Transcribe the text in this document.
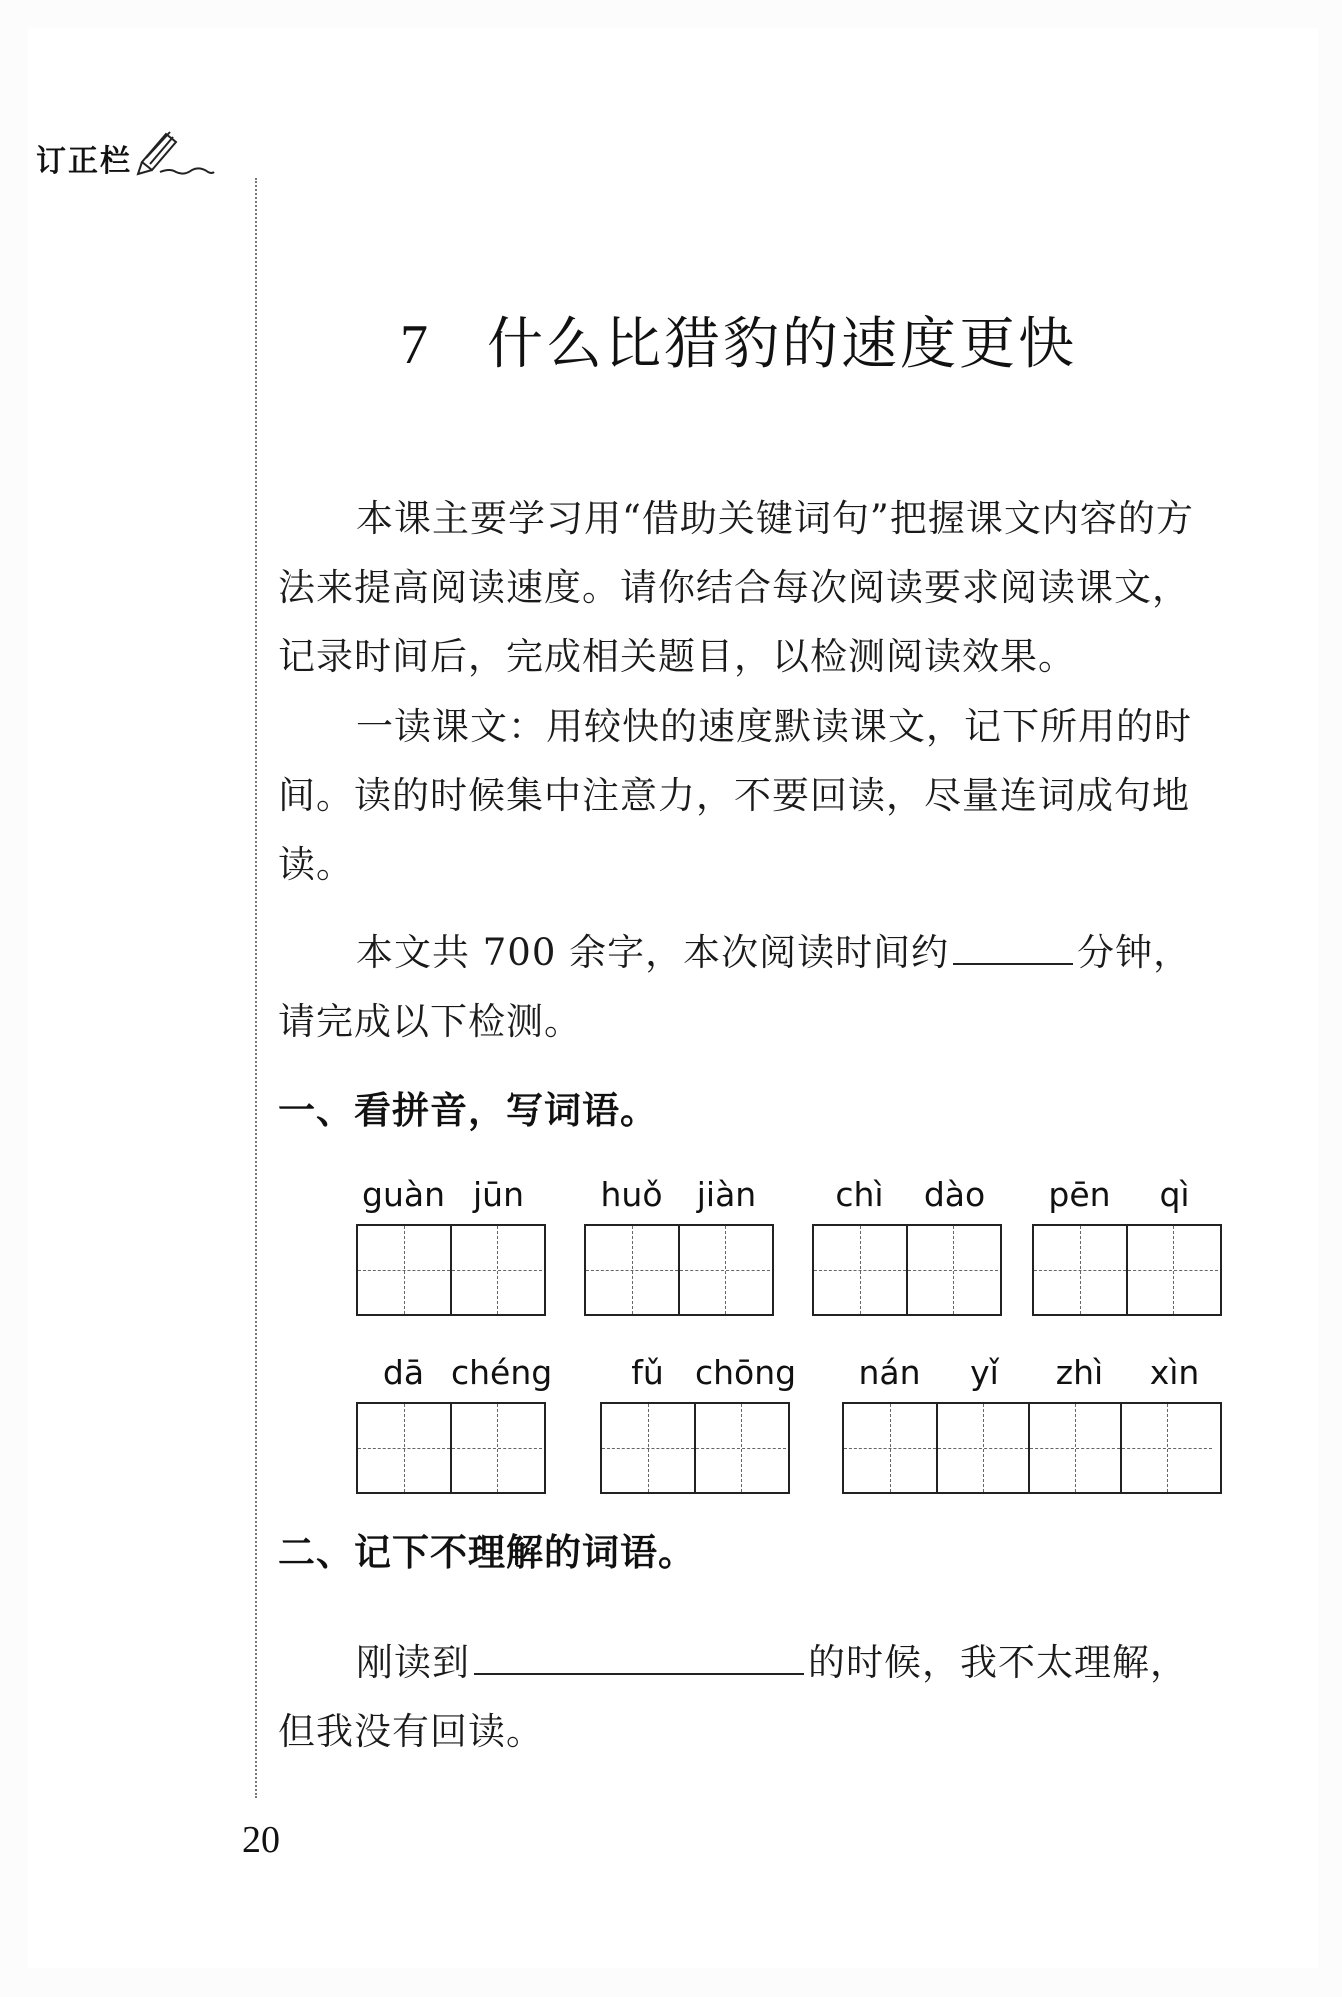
订正栏
7 什么比猎豹的速度更快
本课主要学习用“借助关键词句”把握课文内容的方法来提高阅读速度。请你结合每次阅读要求阅读课文，记录时间后，完成相关题目，以检测阅读效果。
一读课文：用较快的速度默读课文，记下所用的时间。读的时候集中注意力，不要回读，尽量连词成句地读。
本文共 700 余字，本次阅读时间约	分钟，请完成以下检测。
一、看拼音，写词语。
guàn jūn	huǒ	jiàn	chì	dào	pēn	qì
dā chéng	fǔ chōng	nán	yǐ	zhì	xìn
二、记下不理解的词语。
刚读到	的时候，我不太理解，但我没有回读。
20
